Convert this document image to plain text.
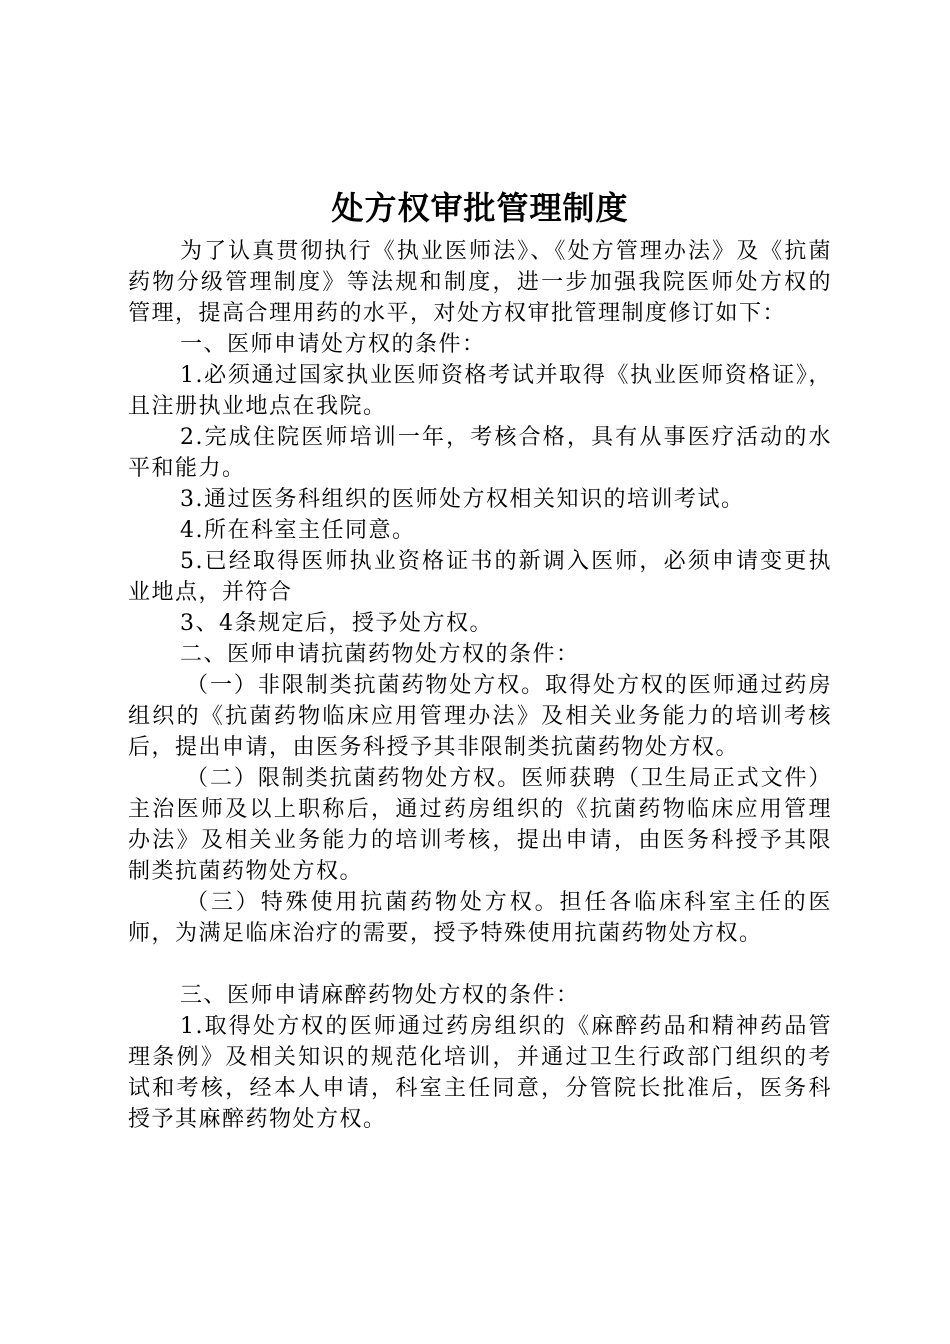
处方权审批管理制度

为了认真贯彻执行《执业医师法》、《处方管理办法》及《抗菌药物分级管理制度》等法规和制度，进一步加强我院医师处方权的管理，提高合理用药的水平，对处方权审批管理制度修订如下：

一、医师申请处方权的条件：

1.必须通过国家执业医师资格考试并取得《执业医师资格证》，且注册执业地点在我院。

2.完成住院医师培训一年，考核合格，具有从事医疗活动的水平和能力。

3.通过医务科组织的医师处方权相关知识的培训考试。

4.所在科室主任同意。

5.已经取得医师执业资格证书的新调入医师，必须申请变更执业地点，并符合

3、4条规定后，授予处方权。

二、医师申请抗菌药物处方权的条件：

（一）非限制类抗菌药物处方权。取得处方权的医师通过药房组织的《抗菌药物临床应用管理办法》及相关业务能力的培训考核后，提出申请，由医务科授予其非限制类抗菌药物处方权。

（二）限制类抗菌药物处方权。医师获聘（卫生局正式文件）主治医师及以上职称后，通过药房组织的《抗菌药物临床应用管理办法》及相关业务能力的培训考核，提出申请，由医务科授予其限制类抗菌药物处方权。

（三）特殊使用抗菌药物处方权。担任各临床科室主任的医师，为满足临床治疗的需要，授予特殊使用抗菌药物处方权。

三、医师申请麻醉药物处方权的条件：

1.取得处方权的医师通过药房组织的《麻醉药品和精神药品管理条例》及相关知识的规范化培训，并通过卫生行政部门组织的考试和考核，经本人申请，科室主任同意，分管院长批准后，医务科授予其麻醉药物处方权。
